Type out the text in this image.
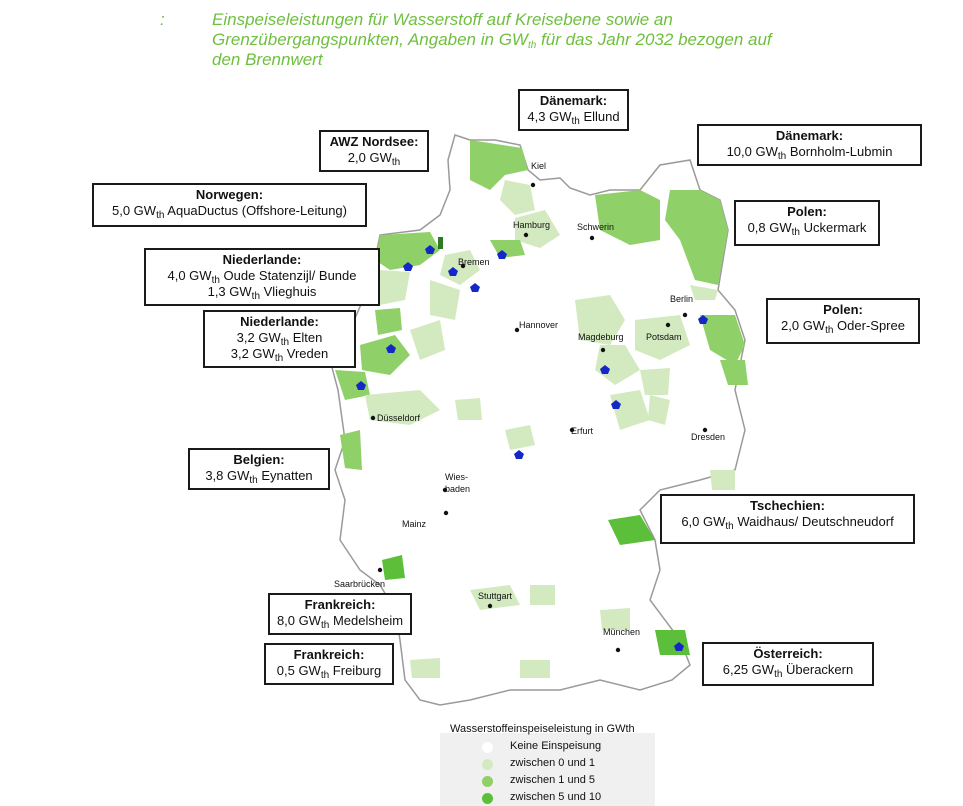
:	Einspeiseleistungen für Wasserstoff auf Kreisebene sowie an
Grenzübergangspunkten, Angaben in $GW_{th}$ für das Jahr 2032 bezogen auf
den Brennwert
Kiel
Hamburg	Schwerin
Bremen
Berlin
Hannover
Magdeburg Potsdam
Düsseldorf
Erfurt
Dresden
Wies-
baden
Mainz
Saarbrücken
Stuttgart
München
Dänemark:
4,3 $GW_{th}$ Ellund
AWZ Nordsee:
2,0 $GW_{th}$
Dänemark:
10,0 $GW_{th}$ Bornholm-Lubmin
Norwegen:
5,0 $GW_{th}$ AquaDuctus (Offshore-Leitung)	Polen:
0,8 $GW_{th}$ Uckermark
Niederlande:
4,0 $GW_{th}$ Oude Statenzijl/ Bunde
1,3 $GW_{th}$ Vlieghuis
Polen:
2,0 $GW_{th}$ Oder-Spree
Niederlande:
3,2 $GW_{th}$ Elten
3,2 $GW_{th}$ Vreden
Belgien:
3,8 $GW_{th}$ Eynatten
Tschechien:
6,0 $GW_{th}$ Waidhaus/ Deutschneudorf
Frankreich:
8,0 $GW_{th}$ Medelsheim
Frankreich:
0,5 $GW_{th}$ Freiburg
Österreich:
6,25 $GW_{th}$ Überackern
Wasserstoffeinspeiseleistung in GWth
Keine Einspeisung
zwischen 0 und 1
zwischen 1 und 5
zwischen 5 und 10
